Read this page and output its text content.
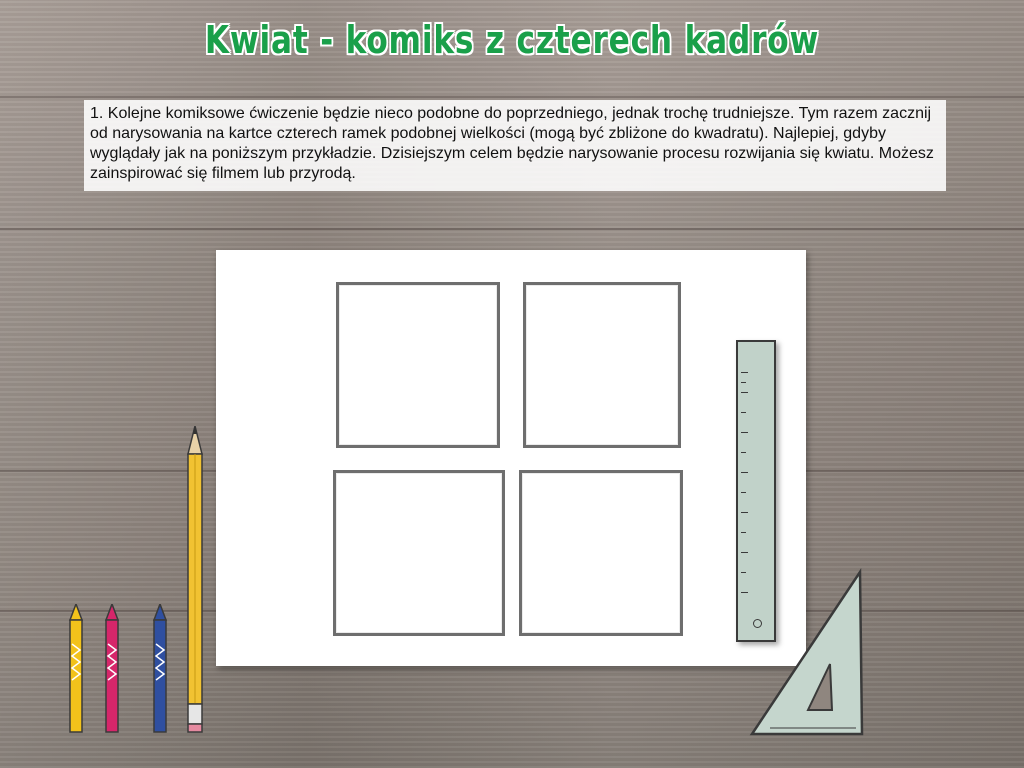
Kwiat - komiks z czterech kadrów
1. Kolejne komiksowe ćwiczenie będzie nieco podobne do poprzedniego, jednak trochę trudniejsze. Tym razem zacznij od narysowania na kartce czterech ramek podobnej wielkości (mogą być zbliżone do kwadratu). Najlepiej, gdyby wyglądały jak na poniższym przykładzie. Dzisiejszym celem będzie narysowanie procesu rozwijania się kwiatu. Możesz zainspirować się filmem lub przyrodą.
